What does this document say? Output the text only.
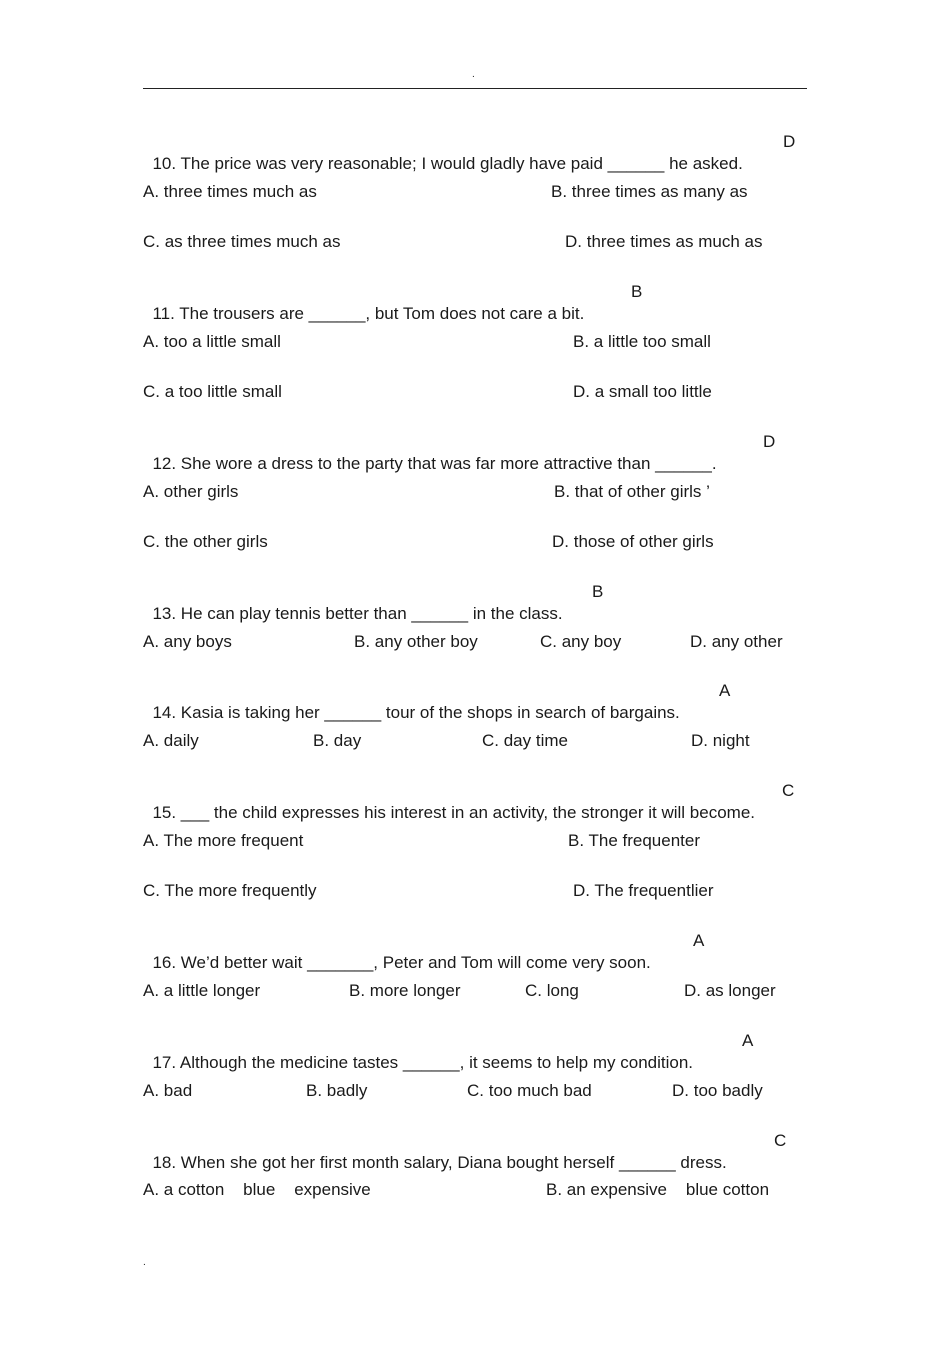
.

10. The price was very reasonable; I would gladly have paid ______ he asked.

D
A. three times much as	B. three times as many as
C. as three times much as	D. three times as much as

11. The trousers are ______, but Tom does not care a bit.

B
A. too a little small	B. a little too small
C. a too little small	D. a small too little

12. She wore a dress to the party that was far more attractive than ______.

D
A. other girls	B. that of other girls ’
C. the other girls	D. those of other girls

13. He can play tennis better than ______ in the class.

B
A. any boys	B. any other boy	C. any boy	D. any other

14. Kasia is taking her ______ tour of the shops in search of bargains.

A
A. daily	B. day	C. day time	D. night

15. ___ the child expresses his interest in an activity, the stronger it will become.

C
A. The more frequent	B. The frequenter
C. The more frequently	D. The frequentlier

16. We’d better wait _______, Peter and Tom will come very soon.

A
A. a little longer	B. more longer	C. long	D. as longer

17. Although the medicine tastes ______, it seems to help my condition.

A
A. bad	B. badly	C. too much bad	D. too badly

18. When she got her first month salary, Diana bought herself ______ dress.

C
A. a cotton    blue    expensive	B. an expensive    blue cotton
.
